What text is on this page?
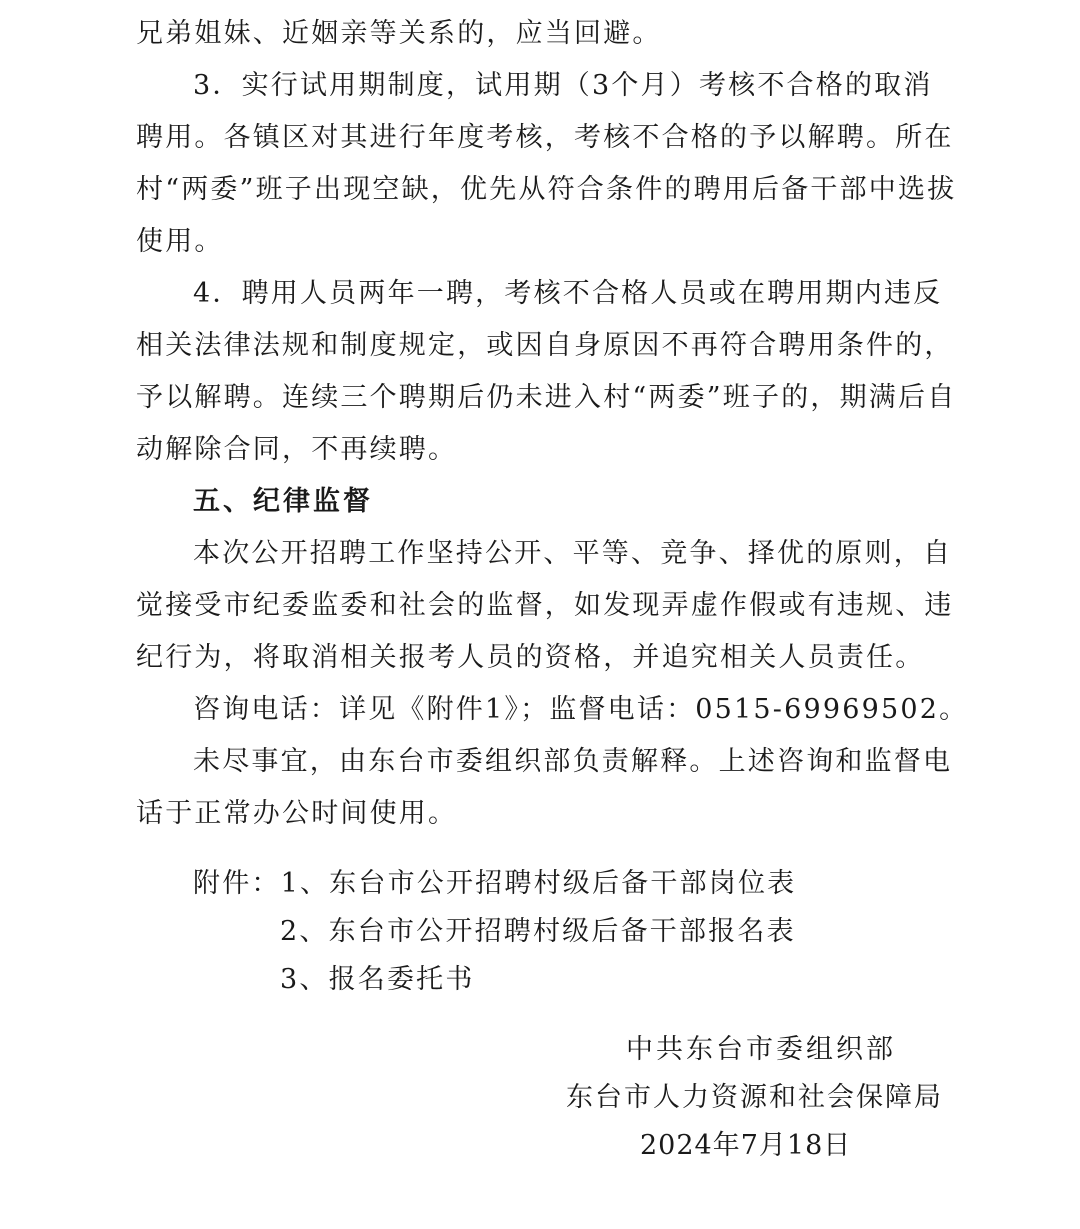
兄弟姐妹、近姻亲等关系的，应当回避。
3．实行试用期制度，试用期（3个月）考核不合格的取消
聘用。各镇区对其进行年度考核，考核不合格的予以解聘。所在
村“两委”班子出现空缺，优先从符合条件的聘用后备干部中选拔
使用。
4．聘用人员两年一聘，考核不合格人员或在聘用期内违反
相关法律法规和制度规定，或因自身原因不再符合聘用条件的，
予以解聘。连续三个聘期后仍未进入村“两委”班子的，期满后自
动解除合同，不再续聘。
五、纪律监督
本次公开招聘工作坚持公开、平等、竞争、择优的原则，自
觉接受市纪委监委和社会的监督，如发现弄虚作假或有违规、违
纪行为，将取消相关报考人员的资格，并追究相关人员责任。
咨询电话：详见《附件1》；监督电话：0515-69969502。
未尽事宜，由东台市委组织部负责解释。上述咨询和监督电
话于正常办公时间使用。
附件：1、东台市公开招聘村级后备干部岗位表
2、东台市公开招聘村级后备干部报名表
3、报名委托书
中共东台市委组织部
东台市人力资源和社会保障局
2024年7月18日
